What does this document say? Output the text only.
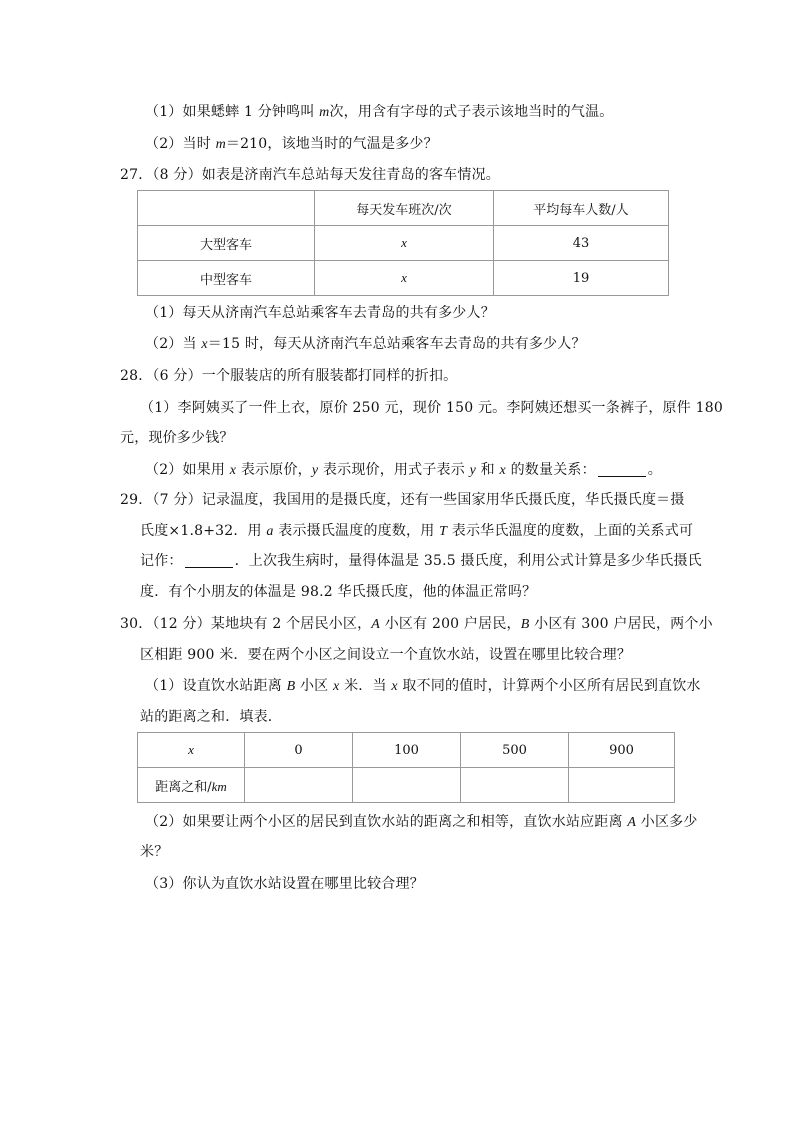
（1）如果蟋蟀 1 分钟鸣叫 m次，用含有字母的式子表示该地当时的气温。
（2）当时 m＝210，该地当时的气温是多少？
27．（8 分）如表是济南汽车总站每天发往青岛的客车情况。
	每天发车班次/次	平均每车人数/人
大型客车	x	43
中型客车	x	19
（1）每天从济南汽车总站乘客车去青岛的共有多少人？
（2）当 x＝15 时，每天从济南汽车总站乘客车去青岛的共有多少人？
28．（6 分）一个服装店的所有服装都打同样的折扣。
（1）李阿姨买了一件上衣，原价 250 元，现价 150 元。李阿姨还想买一条裤子，原件 180
元，现价多少钱？
（2）如果用 x 表示原价，y 表示现价，用式子表示 y 和 x 的数量关系：	。
29．（7 分）记录温度，我国用的是摄氏度，还有一些国家用华氏摄氏度，华氏摄氏度＝摄
氏度×1.8+32．用 a 表示摄氏温度的度数，用 T 表示华氏温度的度数，上面的关系式可
记作：	．上次我生病时，量得体温是 35.5 摄氏度，利用公式计算是多少华氏摄氏
度．有个小朋友的体温是 98.2 华氏摄氏度，他的体温正常吗？
30．（12 分）某地块有 2 个居民小区，A 小区有 200 户居民，B 小区有 300 户居民，两个小
区相距 900 米．要在两个小区之间设立一个直饮水站，设置在哪里比较合理？
（1）设直饮水站距离 B 小区 x 米．当 x 取不同的值时，计算两个小区所有居民到直饮水
站的距离之和．填表．
x	0	100	500	900
距离之和/km				
（2）如果要让两个小区的居民到直饮水站的距离之和相等，直饮水站应距离 A 小区多少
米？
（3）你认为直饮水站设置在哪里比较合理？
